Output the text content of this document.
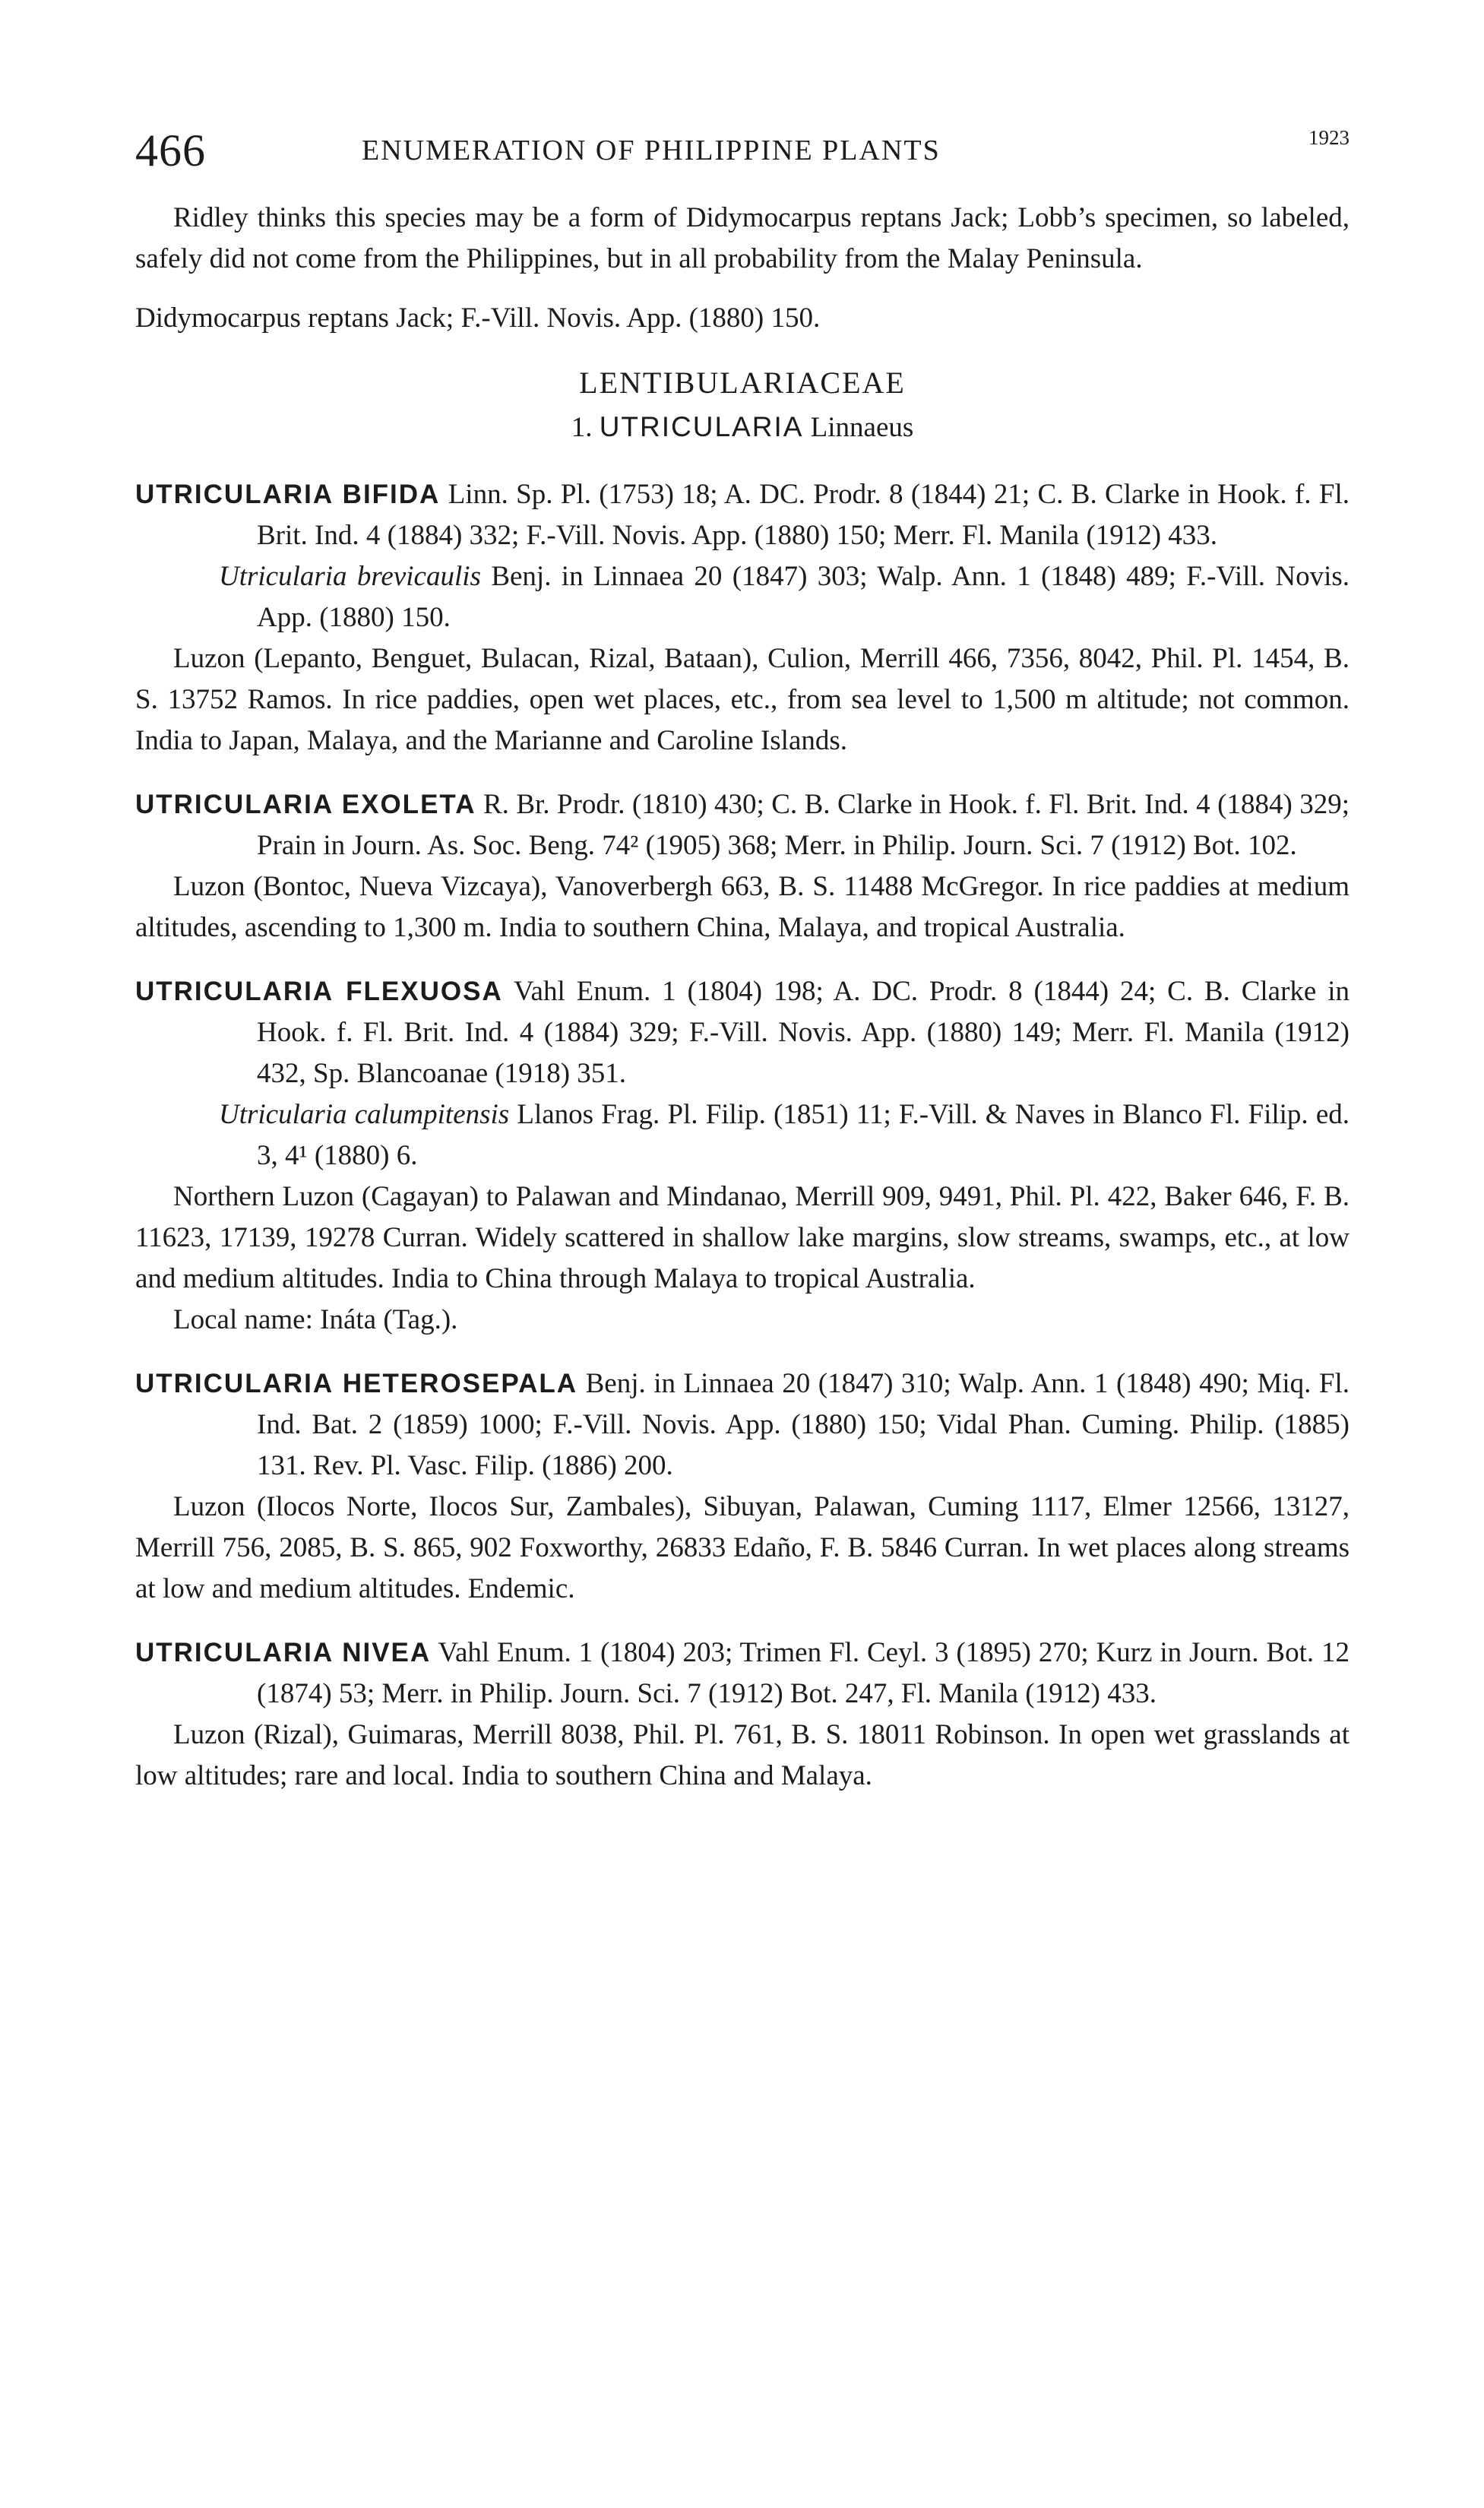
466	ENUMERATION OF PHILIPPINE PLANTS	1923

Ridley thinks this species may be a form of Didymocarpus reptans Jack; Lobb’s specimen, so labeled, safely did not come from the Philippines, but in all probability from the Malay Peninsula.

Didymocarpus reptans Jack; F.-Vill. Novis. App. (1880) 150.

LENTIBULARIACEAE
1. UTRICULARIA Linnaeus

UTRICULARIA BIFIDA Linn. Sp. Pl. (1753) 18; A. DC. Prodr. 8 (1844) 21; C. B. Clarke in Hook. f. Fl. Brit. Ind. 4 (1884) 332; F.-Vill. Novis. App. (1880) 150; Merr. Fl. Manila (1912) 433.

Utricularia brevicaulis Benj. in Linnaea 20 (1847) 303; Walp. Ann. 1 (1848) 489; F.-Vill. Novis. App. (1880) 150.

Luzon (Lepanto, Benguet, Bulacan, Rizal, Bataan), Culion, Merrill 466, 7356, 8042, Phil. Pl. 1454, B. S. 13752 Ramos. In rice paddies, open wet places, etc., from sea level to 1,500 m altitude; not common. India to Japan, Malaya, and the Marianne and Caroline Islands.

UTRICULARIA EXOLETA R. Br. Prodr. (1810) 430; C. B. Clarke in Hook. f. Fl. Brit. Ind. 4 (1884) 329; Prain in Journ. As. Soc. Beng. 74² (1905) 368; Merr. in Philip. Journ. Sci. 7 (1912) Bot. 102.

Luzon (Bontoc, Nueva Vizcaya), Vanoverbergh 663, B. S. 11488 McGregor. In rice paddies at medium altitudes, ascending to 1,300 m. India to southern China, Malaya, and tropical Australia.

UTRICULARIA FLEXUOSA Vahl Enum. 1 (1804) 198; A. DC. Prodr. 8 (1844) 24; C. B. Clarke in Hook. f. Fl. Brit. Ind. 4 (1884) 329; F.-Vill. Novis. App. (1880) 149; Merr. Fl. Manila (1912) 432, Sp. Blancoanae (1918) 351.

Utricularia calumpitensis Llanos Frag. Pl. Filip. (1851) 11; F.-Vill. & Naves in Blanco Fl. Filip. ed. 3, 4¹ (1880) 6.

Northern Luzon (Cagayan) to Palawan and Mindanao, Merrill 909, 9491, Phil. Pl. 422, Baker 646, F. B. 11623, 17139, 19278 Curran. Widely scattered in shallow lake margins, slow streams, swamps, etc., at low and medium altitudes. India to China through Malaya to tropical Australia.

Local name: Ináta (Tag.).

UTRICULARIA HETEROSEPALA Benj. in Linnaea 20 (1847) 310; Walp. Ann. 1 (1848) 490; Miq. Fl. Ind. Bat. 2 (1859) 1000; F.-Vill. Novis. App. (1880) 150; Vidal Phan. Cuming. Philip. (1885) 131. Rev. Pl. Vasc. Filip. (1886) 200.

Luzon (Ilocos Norte, Ilocos Sur, Zambales), Sibuyan, Palawan, Cuming 1117, Elmer 12566, 13127, Merrill 756, 2085, B. S. 865, 902 Foxworthy, 26833 Edaño, F. B. 5846 Curran. In wet places along streams at low and medium altitudes. Endemic.

UTRICULARIA NIVEA Vahl Enum. 1 (1804) 203; Trimen Fl. Ceyl. 3 (1895) 270; Kurz in Journ. Bot. 12 (1874) 53; Merr. in Philip. Journ. Sci. 7 (1912) Bot. 247, Fl. Manila (1912) 433.

Luzon (Rizal), Guimaras, Merrill 8038, Phil. Pl. 761, B. S. 18011 Robinson. In open wet grasslands at low altitudes; rare and local. India to southern China and Malaya.
